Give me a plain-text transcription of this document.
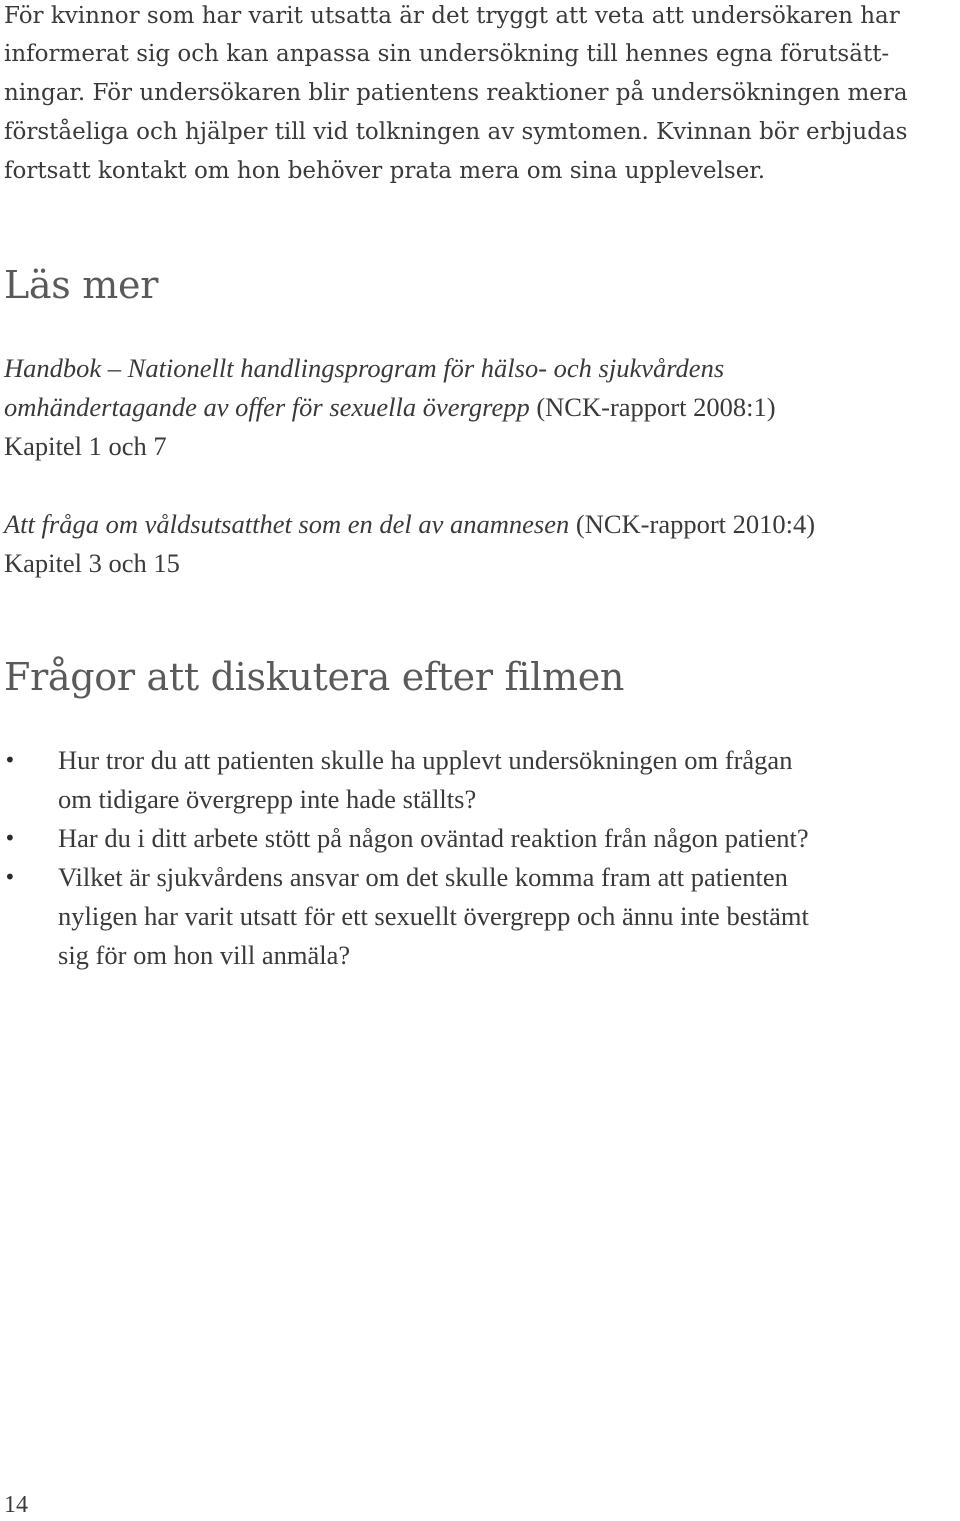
För kvinnor som har varit utsatta är det tryggt att veta att undersökaren har
informerat sig och kan anpassa sin undersökning till hennes egna förutsätt-
ningar. För undersökaren blir patientens reaktioner på undersökningen mera
förståeliga och hjälper till vid tolkningen av symtomen. Kvinnan bör erbjudas
fortsatt kontakt om hon behöver prata mera om sina upplevelser.
Läs mer
Handbok – Nationellt handlingsprogram för hälso- och sjukvårdens
omhändertagande av offer för sexuella övergrepp (NCK-rapport 2008:1)
Kapitel 1 och 7
Att fråga om våldsutsatthet som en del av anamnesen (NCK-rapport 2010:4)
Kapitel 3 och 15
Frågor att diskutera efter filmen
• Hur tror du att patienten skulle ha upplevt undersökningen om frågan
om tidigare övergrepp inte hade ställts?
• Har du i ditt arbete stött på någon oväntad reaktion från någon patient?
• Vilket är sjukvårdens ansvar om det skulle komma fram att patienten
nyligen har varit utsatt för ett sexuellt övergrepp och ännu inte bestämt
sig för om hon vill anmäla?
14
